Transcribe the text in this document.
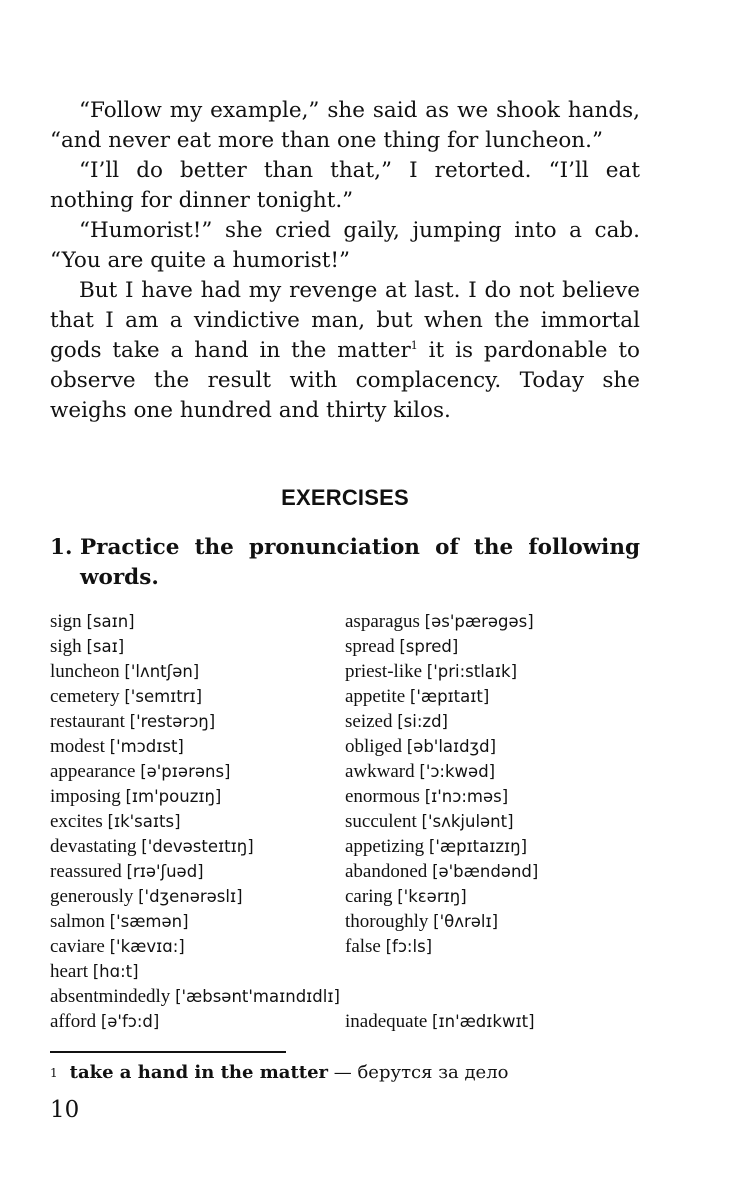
“Follow my example,” she said as we shook hands, “and never eat more than one thing for luncheon.”

“I’ll do better than that,” I retorted. “I’ll eat nothing for dinner tonight.”

“Humorist!” she cried gaily, jumping into a cab. “You are quite a humorist!”

But I have had my revenge at last. I do not believe that I am a vindictive man, but when the immortal gods take a hand in the matter$^1$ it is pardonable to observe the result with complacency. Today she weighs one hundred and thirty kilos.

EXERCISES
1. Practice the pronunciation of the following words.
sign [saɪn]	asparagus [əs'pærəgəs]
sigh [saɪ]	spread [spred]
luncheon ['lʌntʃən]	priest-like ['pri:stlaɪk]
cemetery ['semɪtrɪ]	appetite ['æpɪtaɪt]
restaurant ['restərɔŋ]	seized [si:zd]
modest ['mɔdɪst]	obliged [əb'laɪdʒd]
appearance [ə'pɪərəns]	awkward ['ɔ:kwəd]
imposing [ɪm'pouzɪŋ]	enormous [ɪ'nɔ:məs]
excites [ɪk'saɪts]	succulent ['sʌkjulənt]
devastating ['devəsteɪtɪŋ]	appetizing ['æpɪtaɪzɪŋ]
reassured [rɪə'ʃuəd]	abandoned [ə'bændənd]
generously ['dʒenərəslɪ]	caring ['kɛərɪŋ]
salmon ['sæmən]	thoroughly ['θʌrəlɪ]
caviare ['kævɪɑ:]	false [fɔ:ls]
heart [hɑ:t]
absentmindedly ['æbsənt'maɪndɪdlɪ]
afford [ə'fɔ:d]	inadequate [ɪn'ædɪkwɪt]
$^1$ take a hand in the matter — берутся за дело
10
